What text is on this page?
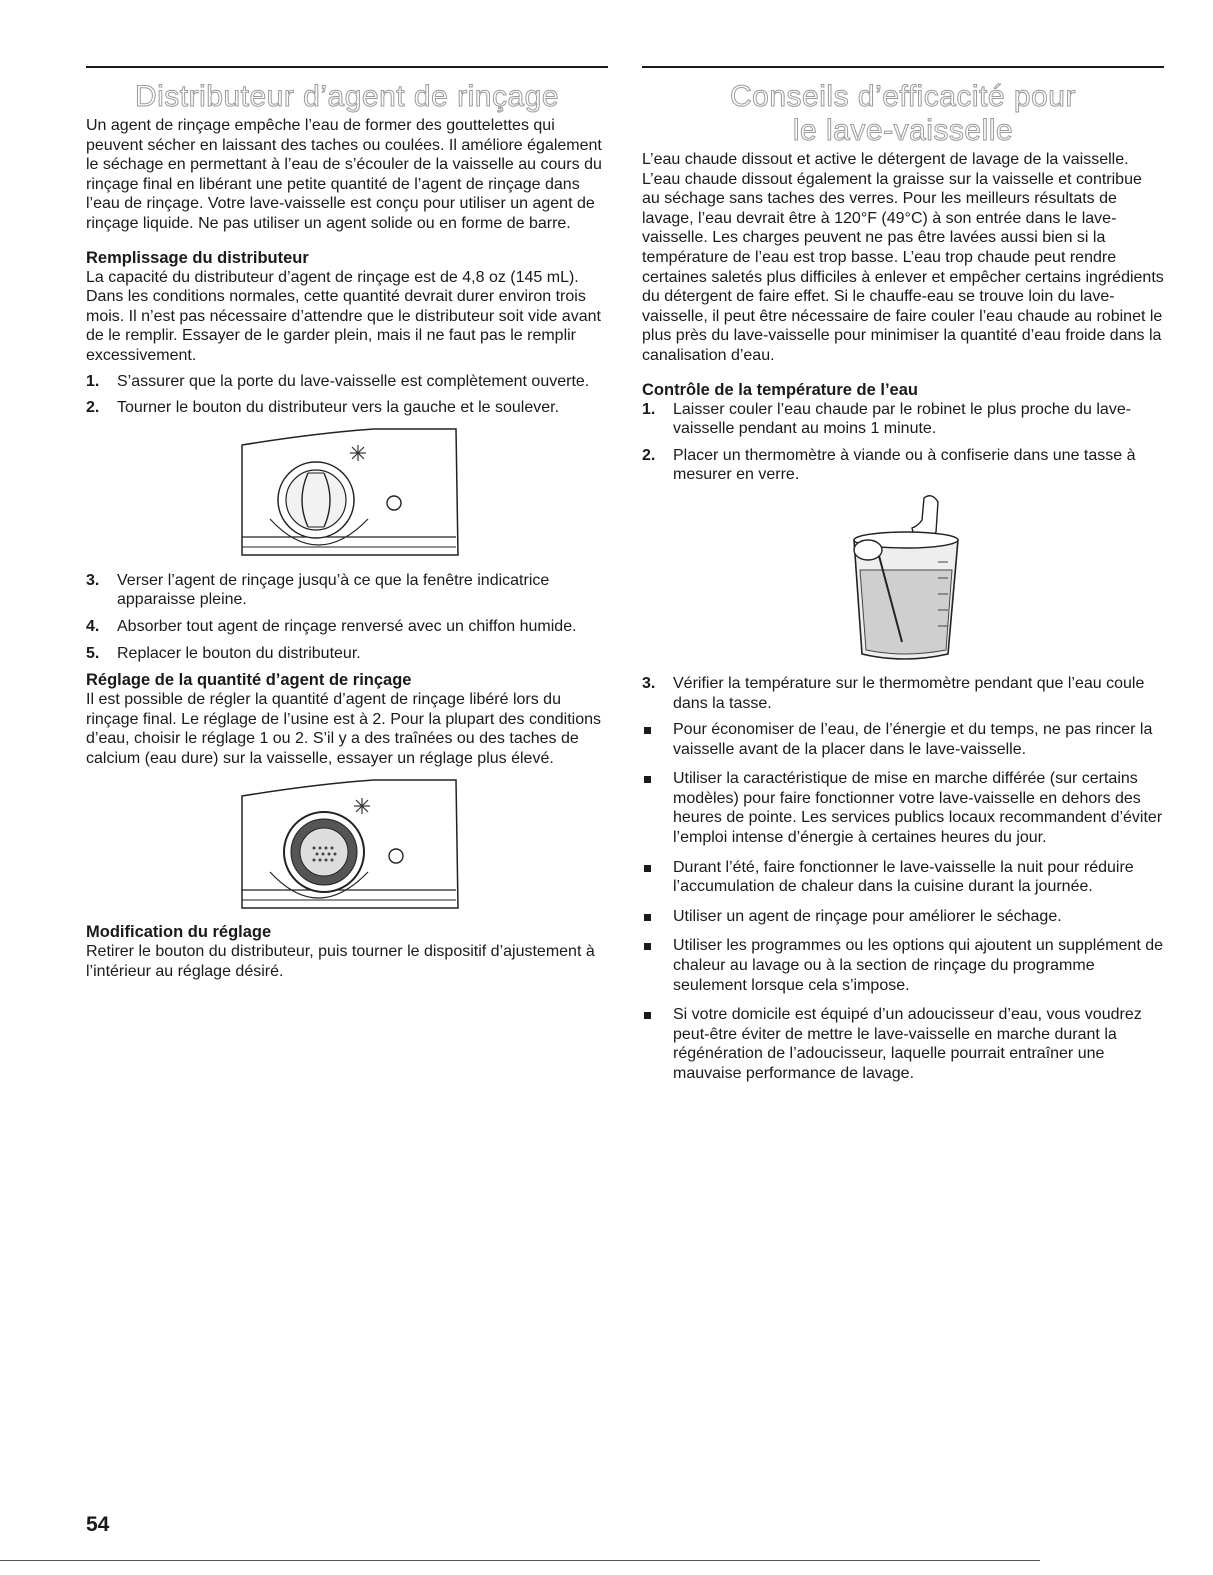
Distributeur d’agent de rinçage

Un agent de rinçage empêche l’eau de former des gouttelettes qui peuvent sécher en laissant des taches ou coulées. Il améliore également le séchage en permettant à l’eau de s’écouler de la vaisselle au cours du rinçage final en libérant une petite quantité de l’agent de rinçage dans l’eau de rinçage. Votre lave-vaisselle est conçu pour utiliser un agent de rinçage liquide. Ne pas utiliser un agent solide ou en forme de barre.

Remplissage du distributeur

La capacité du distributeur d’agent de rinçage est de 4,8 oz (145 mL). Dans les conditions normales, cette quantité devrait durer environ trois mois. Il n’est pas nécessaire d’attendre que le distributeur soit vide avant de le remplir. Essayer de le garder plein, mais il ne faut pas le remplir excessivement.

1. S’assurer que la porte du lave-vaisselle est complètement ouverte.
2. Tourner le bouton du distributeur vers la gauche et le soulever.
3. Verser l’agent de rinçage jusqu’à ce que la fenêtre indicatrice apparaisse pleine.
4. Absorber tout agent de rinçage renversé avec un chiffon humide.
5. Replacer le bouton du distributeur.
Réglage de la quantité d’agent de rinçage

Il est possible de régler la quantité d’agent de rinçage libéré lors du rinçage final. Le réglage de l’usine est à 2. Pour la plupart des conditions d’eau, choisir le réglage 1 ou 2. S’il y a des traînées ou des taches de calcium (eau dure) sur la vaisselle, essayer un réglage plus élevé.

Modification du réglage

Retirer le bouton du distributeur, puis tourner le dispositif d’ajustement à l’intérieur au réglage désiré.

Conseils d’efficacité pour
le lave-vaisselle

L’eau chaude dissout et active le détergent de lavage de la vaisselle. L’eau chaude dissout également la graisse sur la vaisselle et contribue au séchage sans taches des verres. Pour les meilleurs résultats de lavage, l’eau devrait être à 120°F (49°C) à son entrée dans le lave-vaisselle. Les charges peuvent ne pas être lavées aussi bien si la température de l’eau est trop basse. L’eau trop chaude peut rendre certaines saletés plus difficiles à enlever et empêcher certains ingrédients du détergent de faire effet. Si le chauffe-eau se trouve loin du lave-vaisselle, il peut être nécessaire de faire couler l’eau chaude au robinet le plus près du lave-vaisselle pour minimiser la quantité d’eau froide dans la canalisation d’eau.

Contrôle de la température de l’eau
1. Laisser couler l’eau chaude par le robinet le plus proche du lave-vaisselle pendant au moins 1 minute.
2. Placer un thermomètre à viande ou à confiserie dans une tasse à mesurer en verre.
3. Vérifier la température sur le thermomètre pendant que l’eau coule dans la tasse.
Pour économiser de l’eau, de l’énergie et du temps, ne pas rincer la vaisselle avant de la placer dans le lave-vaisselle.
Utiliser la caractéristique de mise en marche différée (sur certains modèles) pour faire fonctionner votre lave-vaisselle en dehors des heures de pointe. Les services publics locaux recommandent d’éviter l’emploi intense d’énergie à certaines heures du jour.
Durant l’été, faire fonctionner le lave-vaisselle la nuit pour réduire l’accumulation de chaleur dans la cuisine durant la journée.
Utiliser un agent de rinçage pour améliorer le séchage.
Utiliser les programmes ou les options qui ajoutent un supplément de chaleur au lavage ou à la section de rinçage du programme seulement lorsque cela s’impose.
Si votre domicile est équipé d’un adoucisseur d’eau, vous voudrez peut-être éviter de mettre le lave-vaisselle en marche durant la régénération de l’adoucisseur, laquelle pourrait entraîner une mauvaise performance de lavage.
54
